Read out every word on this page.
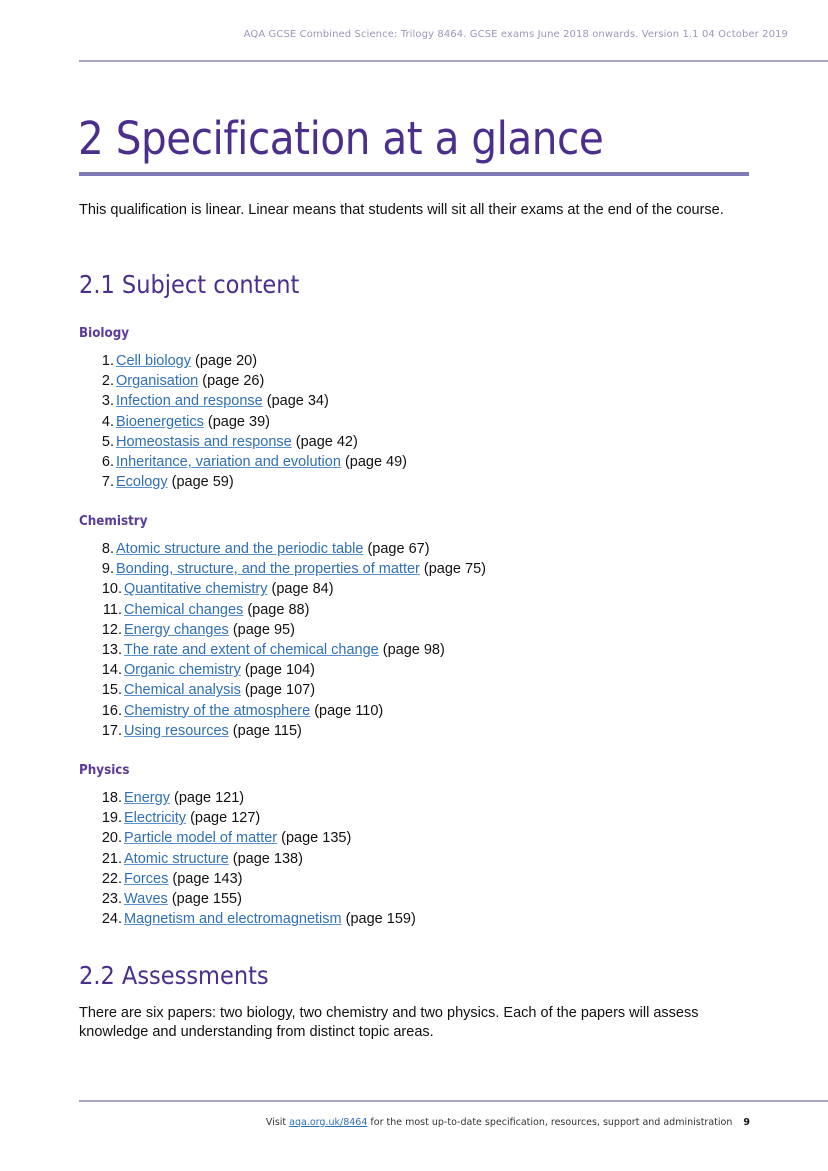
AQA GCSE Combined Science: Trilogy 8464. GCSE exams June 2018 onwards. Version 1.1 04 October 2019
2 Specification at a glance
This qualification is linear. Linear means that students will sit all their exams at the end of the course.
2.1 Subject content
Biology
1. Cell biology (page 20)
2. Organisation (page 26)
3. Infection and response (page 34)
4. Bioenergetics (page 39)
5. Homeostasis and response (page 42)
6. Inheritance, variation and evolution (page 49)
7. Ecology (page 59)
Chemistry
8. Atomic structure and the periodic table (page 67)
9. Bonding, structure, and the properties of matter (page 75)
10. Quantitative chemistry (page 84)
11. Chemical changes (page 88)
12. Energy changes (page 95)
13. The rate and extent of chemical change (page 98)
14. Organic chemistry (page 104)
15. Chemical analysis (page 107)
16. Chemistry of the atmosphere (page 110)
17. Using resources (page 115)
Physics
18. Energy (page 121)
19. Electricity (page 127)
20. Particle model of matter (page 135)
21. Atomic structure (page 138)
22. Forces (page 143)
23. Waves (page 155)
24. Magnetism and electromagnetism (page 159)
2.2 Assessments
There are six papers: two biology, two chemistry and two physics. Each of the papers will assess knowledge and understanding from distinct topic areas.
Visit aqa.org.uk/8464 for the most up-to-date specification, resources, support and administration 9
